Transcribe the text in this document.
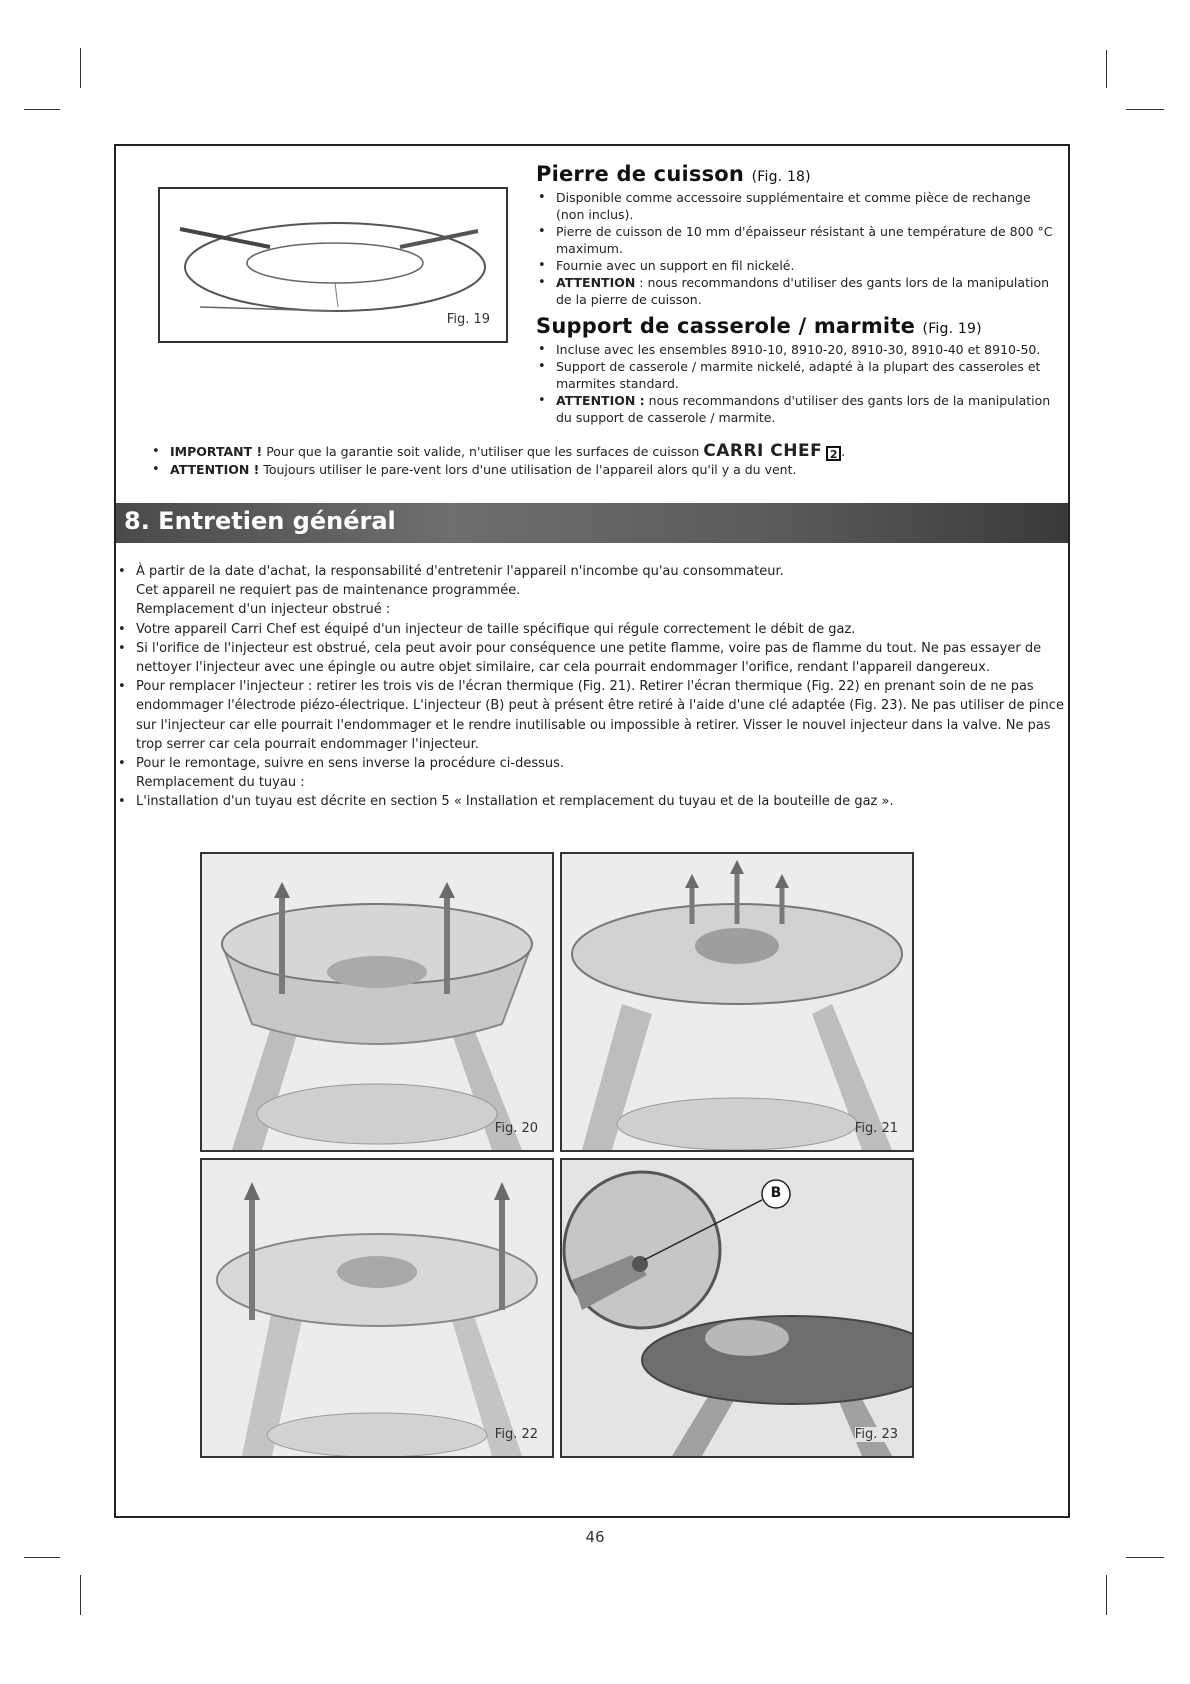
Fig. 19
Pierre de cuisson (Fig. 18)
• Disponible comme accessoire supplémentaire et comme pièce de rechange (non inclus).
• Pierre de cuisson de 10 mm d'épaisseur résistant à une température de 800 °C maximum.
• Fournie avec un support en fil nickelé.
• ATTENTION : nous recommandons d'utiliser des gants lors de la manipulation de la pierre de cuisson.
Support de casserole / marmite (Fig. 19)
• Incluse avec les ensembles 8910-10, 8910-20, 8910-30, 8910-40 et 8910-50.
• Support de casserole / marmite nickelé, adapté à la plupart des casseroles et marmites standard.
• ATTENTION : nous recommandons d'utiliser des gants lors de la manipulation du support de casserole / marmite.
• IMPORTANT ! Pour que la garantie soit valide, n'utiliser que les surfaces de cuisson CARRI CHEF 2 .
• ATTENTION ! Toujours utiliser le pare-vent lors d'une utilisation de l'appareil alors qu'il y a du vent.
8. Entretien général
• À partir de la date d'achat, la responsabilité d'entretenir l'appareil n'incombe qu'au consommateur.
Cet appareil ne requiert pas de maintenance programmée.
Remplacement d'un injecteur obstrué :
• Votre appareil Carri Chef est équipé d'un injecteur de taille spécifique qui régule correctement le débit de gaz.
• Si l'orifice de l'injecteur est obstrué, cela peut avoir pour conséquence une petite flamme, voire pas de flamme du tout. Ne pas essayer de nettoyer l'injecteur avec une épingle ou autre objet similaire, car cela pourrait endommager l'orifice, rendant l'appareil dangereux.
• Pour remplacer l'injecteur : retirer les trois vis de l'écran thermique (Fig. 21). Retirer l'écran thermique (Fig. 22) en prenant soin de ne pas endommager l'électrode piézo-électrique. L'injecteur (B) peut à présent être retiré à l'aide d'une clé adaptée (Fig. 23). Ne pas utiliser de pince sur l'injecteur car elle pourrait l'endommager et le rendre inutilisable ou impossible à retirer. Visser le nouvel injecteur dans la valve. Ne pas trop serrer car cela pourrait endommager l'injecteur.
• Pour le remontage, suivre en sens inverse la procédure ci-dessus.
Remplacement du tuyau :
• L'installation d'un tuyau est décrite en section 5 « Installation et remplacement du tuyau et de la bouteille de gaz ».
Fig. 20	Fig. 21
Fig. 22
B
Fig. 23
46
